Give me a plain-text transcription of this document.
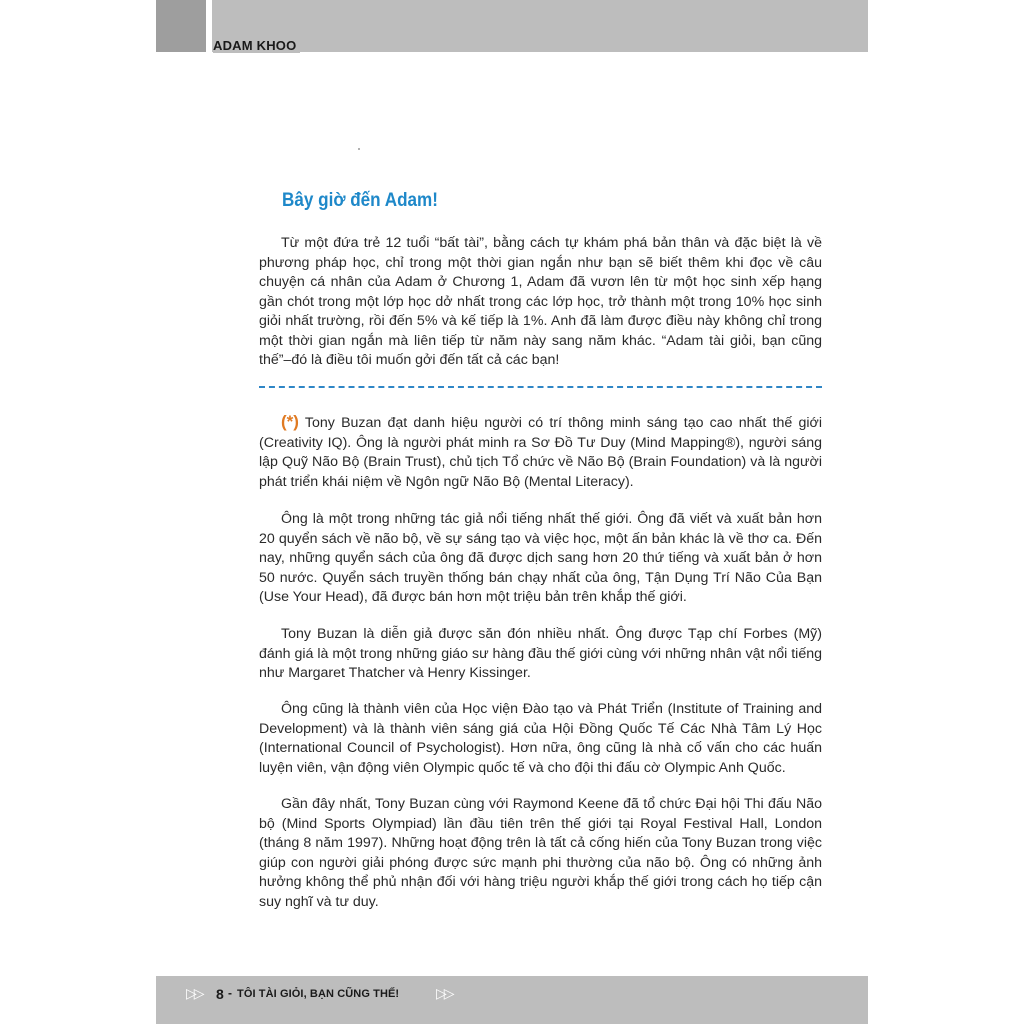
ADAM KHOO
Bây giờ đến Adam!
Từ một đứa trẻ 12 tuổi “bất tài”, bằng cách tự khám phá bản thân và đặc biệt là về phương pháp học, chỉ trong một thời gian ngắn như bạn sẽ biết thêm khi đọc về câu chuyện cá nhân của Adam ở Chương 1, Adam đã vươn lên từ một học sinh xếp hạng gần chót trong một lớp học dở nhất trong các lớp học, trở thành một trong 10% học sinh giỏi nhất trường, rồi đến 5% và kế tiếp là 1%. Anh đã làm được điều này không chỉ trong một thời gian ngắn mà liên tiếp từ năm này sang năm khác. “Adam tài giỏi, bạn cũng thế”–đó là điều tôi muốn gởi đến tất cả các bạn!
(*) Tony Buzan đạt danh hiệu người có trí thông minh sáng tạo cao nhất thế giới (Creativity IQ). Ông là người phát minh ra Sơ Đồ Tư Duy (Mind Mapping®), người sáng lập Quỹ Não Bộ (Brain Trust), chủ tịch Tổ chức về Não Bộ (Brain Foundation) và là người phát triển khái niệm về Ngôn ngữ Não Bộ (Mental Literacy).
Ông là một trong những tác giả nổi tiếng nhất thế giới. Ông đã viết và xuất bản hơn 20 quyển sách về não bộ, về sự sáng tạo và việc học, một ấn bản khác là về thơ ca. Đến nay, những quyển sách của ông đã được dịch sang hơn 20 thứ tiếng và xuất bản ở hơn 50 nước. Quyển sách truyền thống bán chạy nhất của ông, Tận Dụng Trí Não Của Bạn (Use Your Head), đã được bán hơn một triệu bản trên khắp thế giới.
Tony Buzan là diễn giả được săn đón nhiều nhất. Ông được Tạp chí Forbes (Mỹ) đánh giá là một trong những giáo sư hàng đầu thế giới cùng với những nhân vật nổi tiếng như Margaret Thatcher và Henry Kissinger.
Ông cũng là thành viên của Học viện Đào tạo và Phát Triển (Institute of Training and Development) và là thành viên sáng giá của Hội Đồng Quốc Tế Các Nhà Tâm Lý Học (International Council of Psychologist). Hơn nữa, ông cũng là nhà cố vấn cho các huấn luyện viên, vận động viên Olympic quốc tế và cho đội thi đấu cờ Olympic Anh Quốc.
Gần đây nhất, Tony Buzan cùng với Raymond Keene đã tổ chức Đại hội Thi đấu Não bộ (Mind Sports Olympiad) lần đầu tiên trên thế giới tại Royal Festival Hall, London (tháng 8 năm 1997). Những hoạt động trên là tất cả cống hiến của Tony Buzan trong việc giúp con người giải phóng được sức mạnh phi thường của não bộ. Ông có những ảnh hưởng không thể phủ nhận đối với hàng triệu người khắp thế giới trong cách họ tiếp cận suy nghĩ và tư duy.
▷▷ 8 - TÔI TÀI GIỎI, BẠN CŨNG THẾ!	▷▷
